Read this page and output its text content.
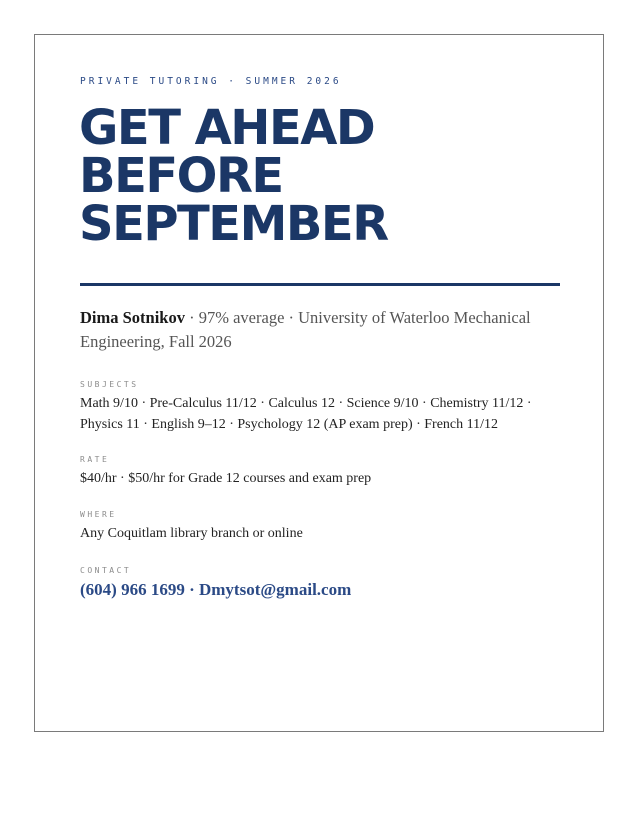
PRIVATE TUTORING · SUMMER 2026
GET AHEAD
BEFORE
SEPTEMBER
Dima Sotnikov · 97% average · University of Waterloo Mechanical Engineering, Fall 2026
SUBJECTS
Math 9/10 · Pre-Calculus 11/12 · Calculus 12 · Science 9/10 · Chemistry 11/12 · Physics 11 · English 9–12 · Psychology 12 (AP exam prep) · French 11/12
RATE
$40/hr · $50/hr for Grade 12 courses and exam prep
WHERE
Any Coquitlam library branch or online
CONTACT
(604) 966 1699 · Dmytsot@gmail.com
